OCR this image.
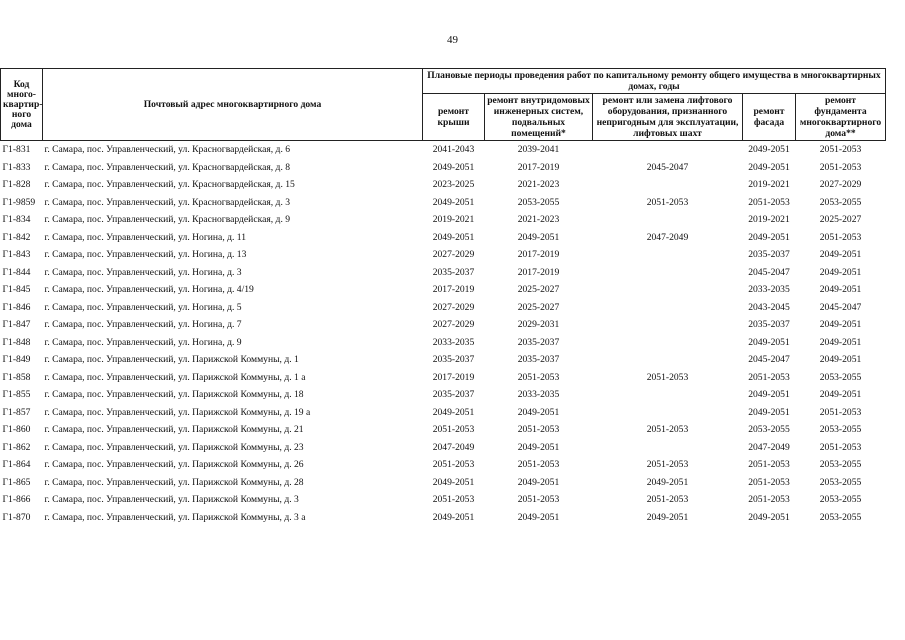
49
Код много-квартир-ного дома	Почтовый адрес многоквартирного дома	Плановые периоды проведения работ по капитальному ремонту общего имущества в многоквартирных домах, годы				
		ремонт крыши	ремонт внутридомовых инженерных систем, подвальных помещений*	ремонт или замена лифтового оборудования, признанного непригодным для эксплуатации, лифтовых шахт	ремонт фасада	ремонт фундамента многоквартирного дома**
Г1-831	г. Самара, пос. Управленческий, ул. Красногвардейская, д. 6	2041-2043	2039-2041		2049-2051	2051-2053
Г1-833	г. Самара, пос. Управленческий, ул. Красногвардейская, д. 8	2049-2051	2017-2019	2045-2047	2049-2051	2051-2053
Г1-828	г. Самара, пос. Управленческий, ул. Красногвардейская, д. 15	2023-2025	2021-2023		2019-2021	2027-2029
Г1-9859	г. Самара, пос. Управленческий, ул. Красногвардейская, д. 3	2049-2051	2053-2055	2051-2053	2051-2053	2053-2055
Г1-834	г. Самара, пос. Управленческий, ул. Красногвардейская, д. 9	2019-2021	2021-2023		2019-2021	2025-2027
Г1-842	г. Самара, пос. Управленческий, ул. Ногина, д. 11	2049-2051	2049-2051	2047-2049	2049-2051	2051-2053
Г1-843	г. Самара, пос. Управленческий, ул. Ногина, д. 13	2027-2029	2017-2019		2035-2037	2049-2051
Г1-844	г. Самара, пос. Управленческий, ул. Ногина, д. 3	2035-2037	2017-2019		2045-2047	2049-2051
Г1-845	г. Самара, пос. Управленческий, ул. Ногина, д. 4/19	2017-2019	2025-2027		2033-2035	2049-2051
Г1-846	г. Самара, пос. Управленческий, ул. Ногина, д. 5	2027-2029	2025-2027		2043-2045	2045-2047
Г1-847	г. Самара, пос. Управленческий, ул. Ногина, д. 7	2027-2029	2029-2031		2035-2037	2049-2051
Г1-848	г. Самара, пос. Управленческий, ул. Ногина, д. 9	2033-2035	2035-2037		2049-2051	2049-2051
Г1-849	г. Самара, пос. Управленческий, ул. Парижской Коммуны, д. 1	2035-2037	2035-2037		2045-2047	2049-2051
Г1-858	г. Самара, пос. Управленческий, ул. Парижской Коммуны, д. 1 а	2017-2019	2051-2053	2051-2053	2051-2053	2053-2055
Г1-855	г. Самара, пос. Управленческий, ул. Парижской Коммуны, д. 18	2035-2037	2033-2035		2049-2051	2049-2051
Г1-857	г. Самара, пос. Управленческий, ул. Парижской Коммуны, д. 19 а	2049-2051	2049-2051		2049-2051	2051-2053
Г1-860	г. Самара, пос. Управленческий, ул. Парижской Коммуны, д. 21	2051-2053	2051-2053	2051-2053	2053-2055	2053-2055
Г1-862	г. Самара, пос. Управленческий, ул. Парижской Коммуны, д. 23	2047-2049	2049-2051		2047-2049	2051-2053
Г1-864	г. Самара, пос. Управленческий, ул. Парижской Коммуны, д. 26	2051-2053	2051-2053	2051-2053	2051-2053	2053-2055
Г1-865	г. Самара, пос. Управленческий, ул. Парижской Коммуны, д. 28	2049-2051	2049-2051	2049-2051	2051-2053	2053-2055
Г1-866	г. Самара, пос. Управленческий, ул. Парижской Коммуны, д. 3	2051-2053	2051-2053	2051-2053	2051-2053	2053-2055
Г1-870	г. Самара, пос. Управленческий, ул. Парижской Коммуны, д. 3 а	2049-2051	2049-2051	2049-2051	2049-2051	2053-2055
